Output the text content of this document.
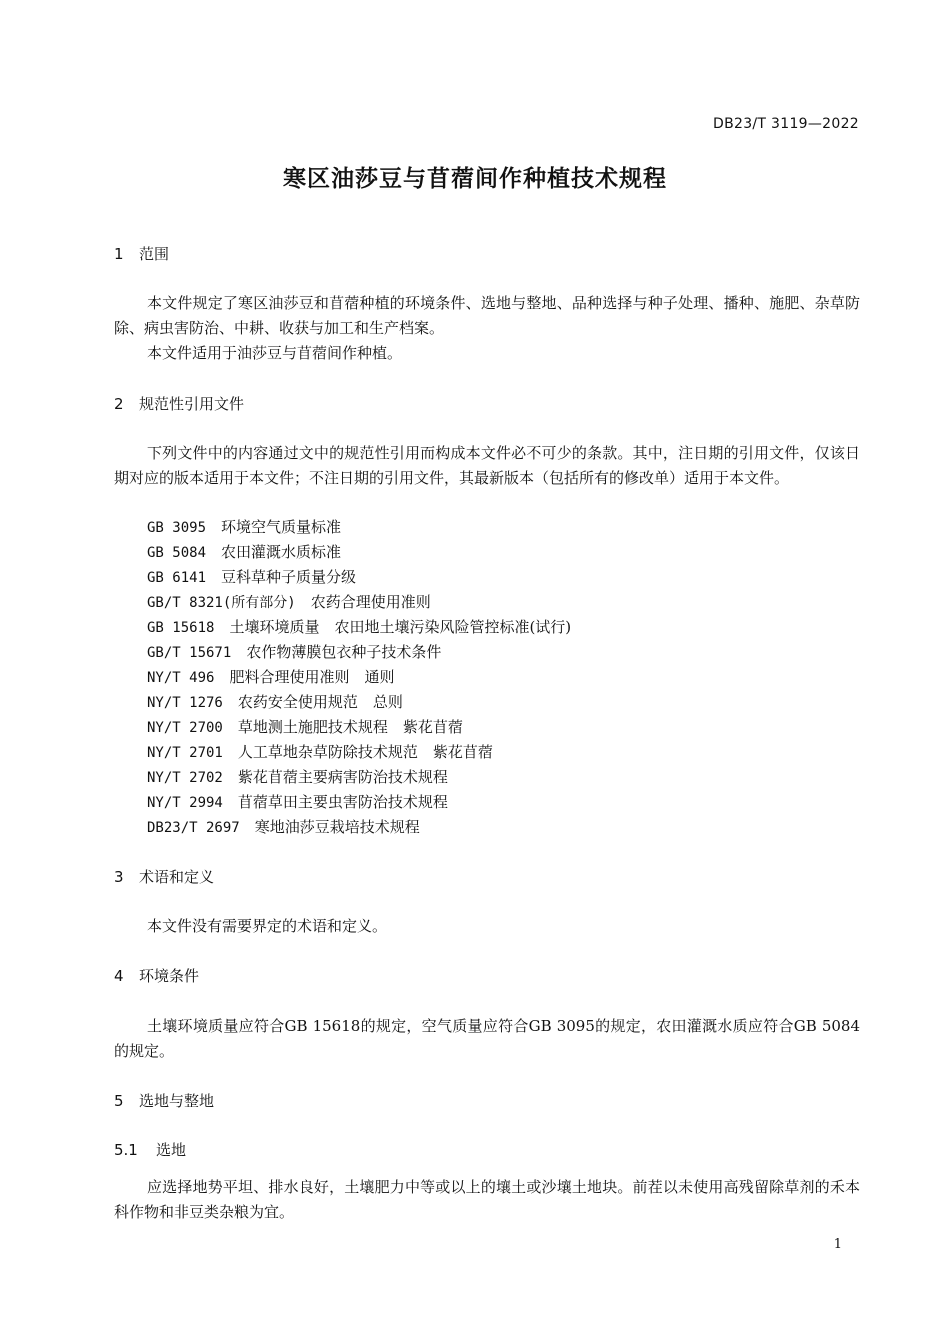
DB23/T 3119—2022
寒区油莎豆与苜蓿间作种植技术规程
1 范围
本文件规定了寒区油莎豆和苜蓿种植的环境条件、选地与整地、品种选择与种子处理、播种、施肥、杂草防除、病虫害防治、中耕、收获与加工和生产档案。
本文件适用于油莎豆与苜蓿间作种植。
2 规范性引用文件
下列文件中的内容通过文中的规范性引用而构成本文件必不可少的条款。其中，注日期的引用文件，仅该日期对应的版本适用于本文件；不注日期的引用文件，其最新版本（包括所有的修改单）适用于本文件。
GB 3095　 环境空气质量标准
GB 5084　 农田灌溉水质标准
GB 6141　 豆科草种子质量分级
GB/T 8321(所有部分)　 农药合理使用准则
GB 15618　 土壤环境质量　农田地土壤污染风险管控标准(试行)
GB/T 15671　 农作物薄膜包衣种子技术条件
NY/T 496　 肥料合理使用准则　通则
NY/T 1276　 农药安全使用规范　总则
NY/T 2700　 草地测土施肥技术规程　紫花苜蓿
NY/T 2701　 人工草地杂草防除技术规范　紫花苜蓿
NY/T 2702　 紫花苜蓿主要病害防治技术规程
NY/T 2994　 苜蓿草田主要虫害防治技术规程
DB23/T 2697　 寒地油莎豆栽培技术规程
3 术语和定义
本文件没有需要界定的术语和定义。
4 环境条件
土壤环境质量应符合GB 15618的规定，空气质量应符合GB 3095的规定，农田灌溉水质应符合GB 5084的规定。
5 选地与整地
5.1 选地
应选择地势平坦、排水良好，土壤肥力中等或以上的壤土或沙壤土地块。前茬以未使用高残留除草剂的禾本科作物和非豆类杂粮为宜。
1
